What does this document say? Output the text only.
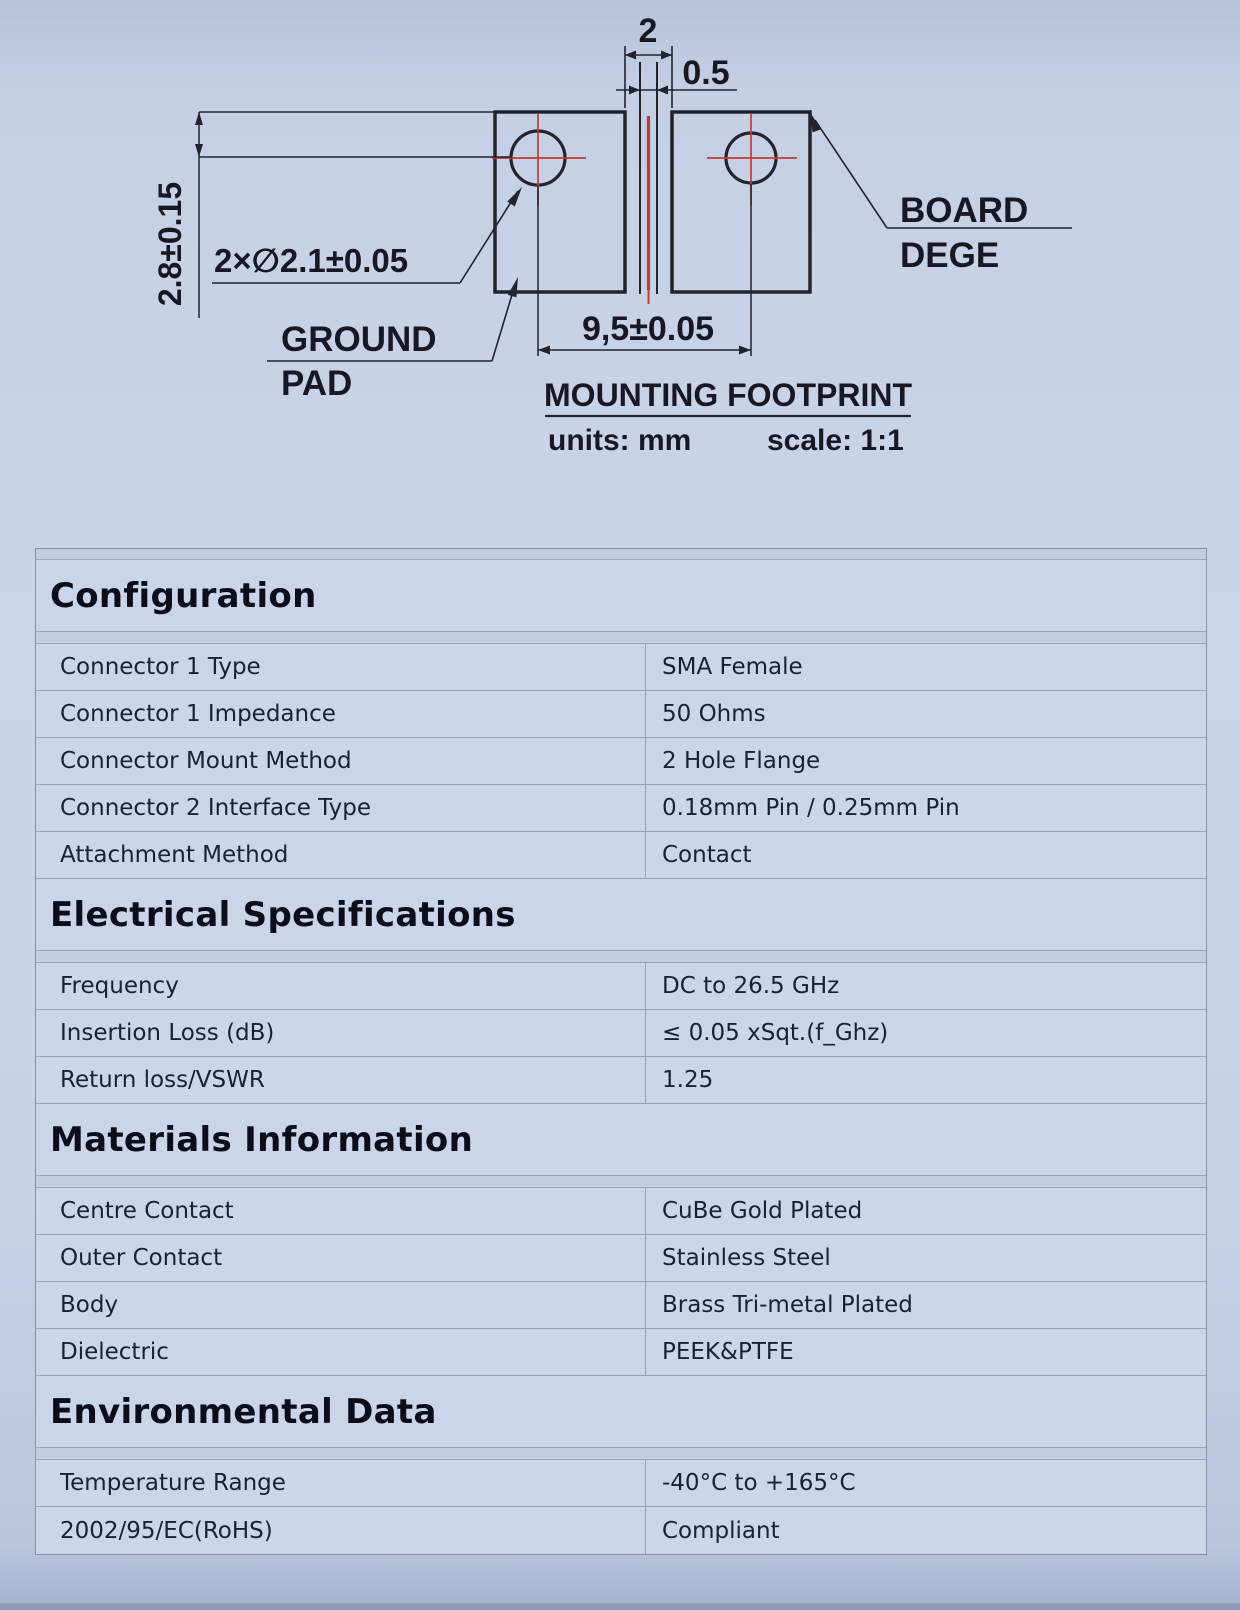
2
0.5
2.8±0.15 2×∅2.1±0.05
GROUND
PAD
9,5±0.05
BOARD
DEGE
MOUNTING FOOTPRINT
units: mm	scale: 1:1
Configuration
Connector 1 Type	SMA Female
Connector 1 Impedance	50 Ohms
Connector Mount Method	2 Hole Flange
Connector 2 Interface Type	0.18mm Pin / 0.25mm Pin
Attachment Method	Contact
Electrical Specifications
Frequency	DC to 26.5 GHz
Insertion Loss (dB)	≤ 0.05 xSqt.(f_Ghz)
Return loss/VSWR	1.25
Materials Information
Centre Contact	CuBe Gold Plated
Outer Contact	Stainless Steel
Body	Brass Tri-metal Plated
Dielectric	PEEK&PTFE
Environmental Data
Temperature Range	-40°C to +165°C
2002/95/EC(RoHS)	Compliant
